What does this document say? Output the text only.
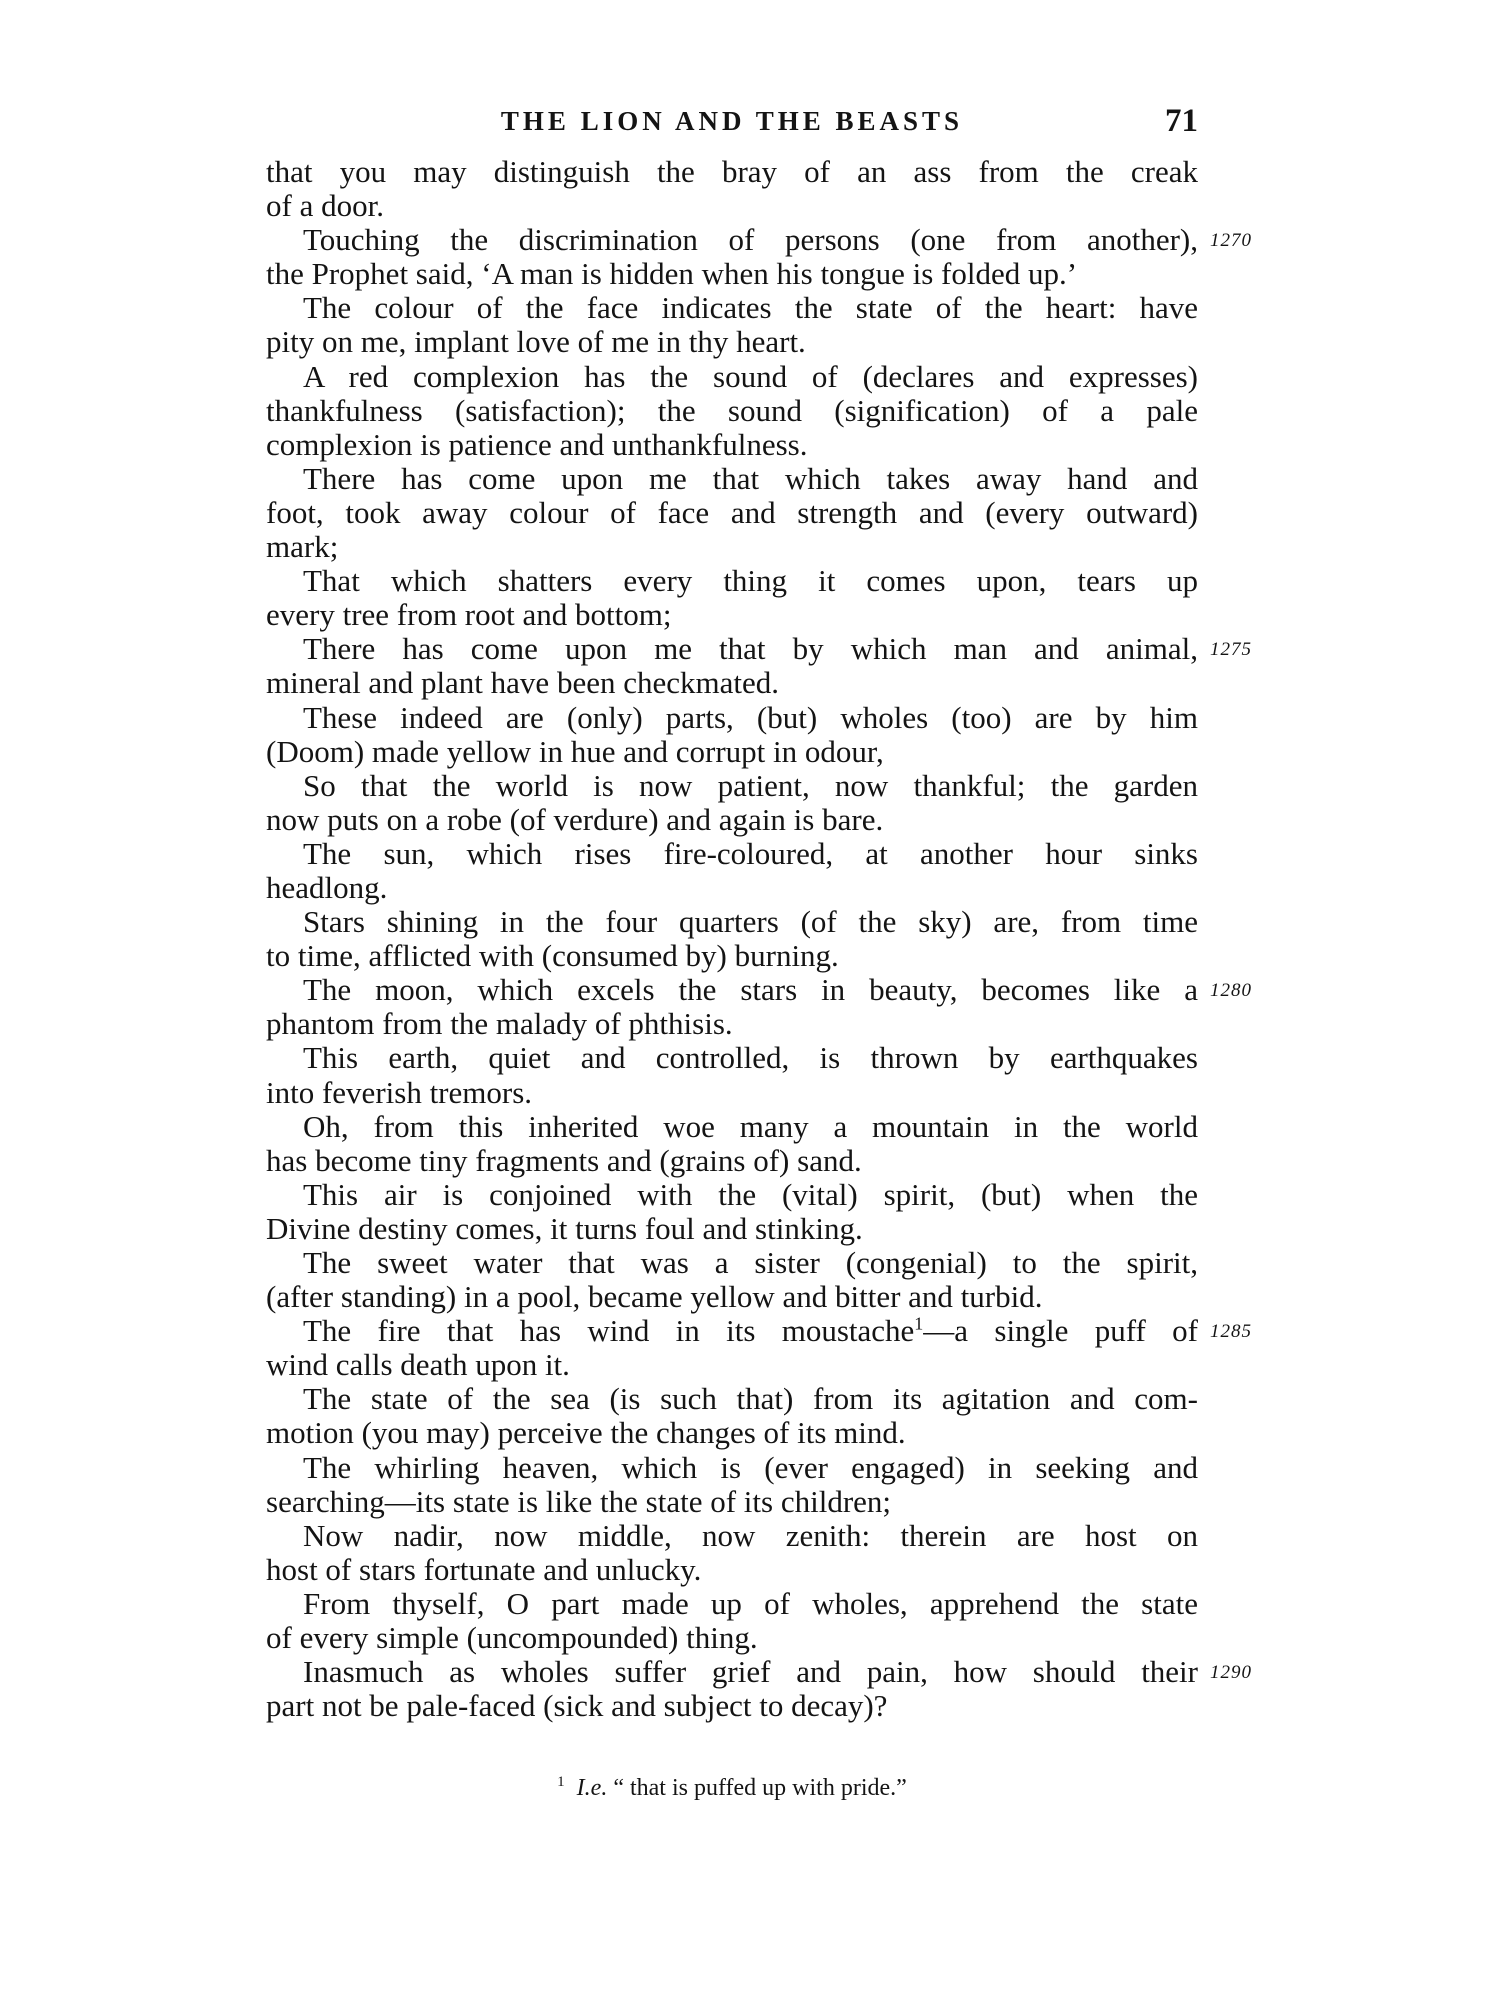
THE LION AND THE BEASTS	71
that you may distinguish the bray of an ass from the creak
of a door.
Touching the discrimination of persons (one from another), 1270
the Prophet said, ‘A man is hidden when his tongue is folded up.’
The colour of the face indicates the state of the heart: have
pity on me, implant love of me in thy heart.
A red complexion has the sound of (declares and expresses)
thankfulness (satisfaction); the sound (signification) of a pale
complexion is patience and unthankfulness.
There has come upon me that which takes away hand and
foot, took away colour of face and strength and (every outward)
mark;
That which shatters every thing it comes upon, tears up
every tree from root and bottom;
There has come upon me that by which man and animal, 1275
mineral and plant have been checkmated.
These indeed are (only) parts, (but) wholes (too) are by him
(Doom) made yellow in hue and corrupt in odour,
So that the world is now patient, now thankful; the garden
now puts on a robe (of verdure) and again is bare.
The sun, which rises fire-coloured, at another hour sinks
headlong.
Stars shining in the four quarters (of the sky) are, from time
to time, afflicted with (consumed by) burning.
The moon, which excels the stars in beauty, becomes like a 1280
phantom from the malady of phthisis.
This earth, quiet and controlled, is thrown by earthquakes
into feverish tremors.
Oh, from this inherited woe many a mountain in the world
has become tiny fragments and (grains of) sand.
This air is conjoined with the (vital) spirit, (but) when the
Divine destiny comes, it turns foul and stinking.
The sweet water that was a sister (congenial) to the spirit,
(after standing) in a pool, became yellow and bitter and turbid.
The fire that has wind in its moustache$^1$—a single puff of 1285
wind calls death upon it.
The state of the sea (is such that) from its agitation and com-
motion (you may) perceive the changes of its mind.
The whirling heaven, which is (ever engaged) in seeking and
searching—its state is like the state of its children;
Now nadir, now middle, now zenith: therein are host on
host of stars fortunate and unlucky.
From thyself, O part made up of wholes, apprehend the state
of every simple (uncompounded) thing.
Inasmuch as wholes suffer grief and pain, how should their 1290
part not be pale-faced (sick and subject to decay)?
$^1$ I.e. “ that is puffed up with pride.”
